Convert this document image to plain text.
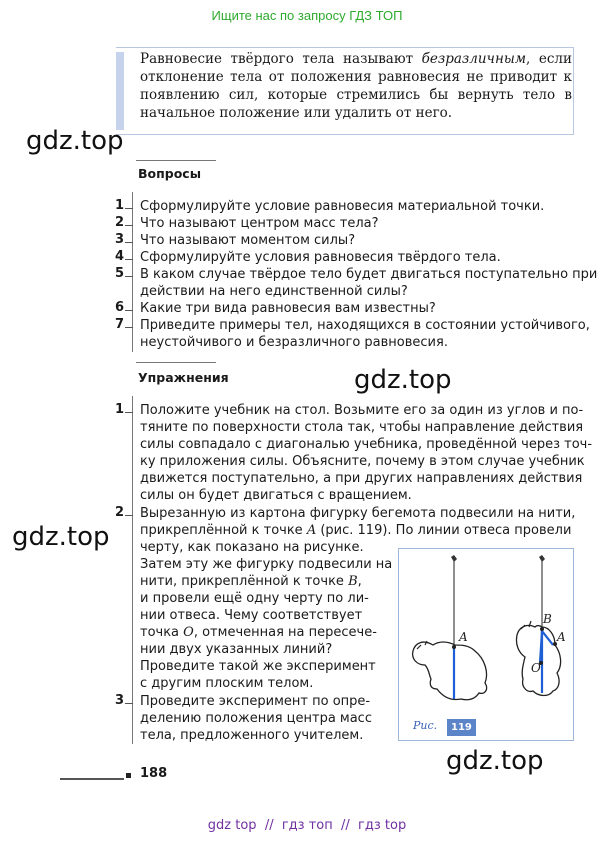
Ищите нас по запросу ГДЗ ТОП
Равновесие твёрдого тела называют безразличным, если отклонение тела от положения равновесия не приводит к появлению сил, которые стремились бы вернуть тело в начальное положение или удалить от него.
gdz.top
gdz.top
gdz.top
gdz.top
Вопросы
1 Сформулируйте условие равновесия материальной точки.
2 Что называют центром масс тела?
3 Что называют моментом силы?
4 Сформулируйте условия равновесия твёрдого тела.
5 В каком случае твёрдое тело будет двигаться поступательно при
действии на него единственной силы?
6 Какие три вида равновесия вам известны?
7 Приведите примеры тел, находящихся в состоянии устойчивого,
неустойчивого и безразличного равновесия.
Упражнения
1 Положите учебник на стол. Возьмите его за один из углов и по-
тяните по поверхности стола так, чтобы направление действия
силы совпадало с диагональю учебника, проведённой через точ-
ку приложения силы. Объясните, почему в этом случае учебник
движется поступательно, а при других направлениях действия
силы он будет двигаться с вращением.
2 Вырезанную из картона фигурку бегемота подвесили на нити,
прикреплённой к точке A (рис. 119). По линии отвеса провели
черту, как показано на рисунке.
Затем эту же фигурку подвесили на
нити, прикреплённой к точке B,
и провели ещё одну черту по ли-
нии отвеса. Чему соответствует
точка O, отмеченная на пересече-
нии двух указанных линий?
Проведите такой же эксперимент
с другим плоским телом.
3 Проведите эксперимент по опре-
делению положения центра масс
тела, предложенного учителем.
A
B
A
O
Рис.	119
188
gdz top  //  гдз топ  //  гдз top
